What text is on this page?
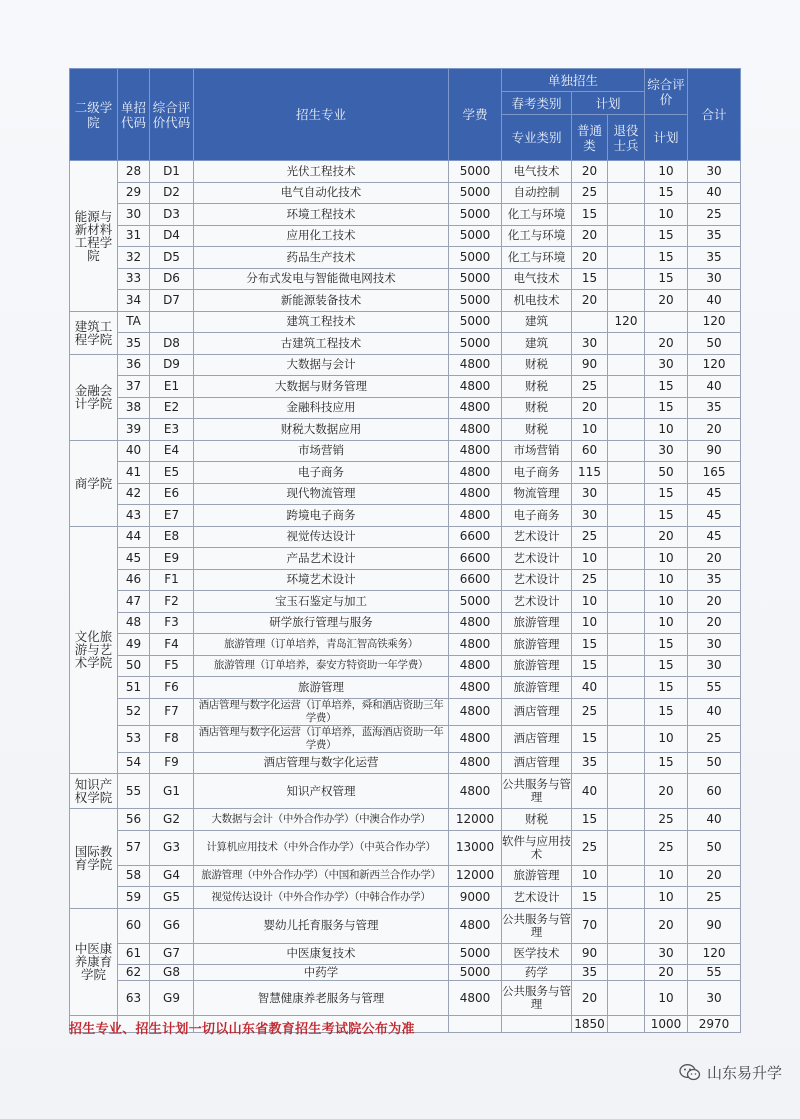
二级学院	单招代码	综合评价代码	招生专业	学费	单独招生			综合评价	合计
					春考类别	计划			
					专业类别	普通类	退役士兵	计划	

能源与新材料工程学院	28	D1	光伏工程技术	5000	电气技术	20		10	30
	29	D2	电气自动化技术	5000	自动控制	25		15	40
	30	D3	环境工程技术	5000	化工与环境	15		10	25
	31	D4	应用化工技术	5000	化工与环境	20		15	35
	32	D5	药品生产技术	5000	化工与环境	20		15	35
	33	D6	分布式发电与智能微电网技术	5000	电气技术	15		15	30
	34	D7	新能源装备技术	5000	机电技术	20		20	40
建筑工程学院	TA		建筑工程技术	5000	建筑		120		120
	35	D8	古建筑工程技术	5000	建筑	30		20	50
金融会计学院	36	D9	大数据与会计	4800	财税	90		30	120
	37	E1	大数据与财务管理	4800	财税	25		15	40
	38	E2	金融科技应用	4800	财税	20		15	35
	39	E3	财税大数据应用	4800	财税	10		10	20
商学院	40	E4	市场营销	4800	市场营销	60		30	90
	41	E5	电子商务	4800	电子商务	115		50	165
	42	E6	现代物流管理	4800	物流管理	30		15	45
	43	E7	跨境电子商务	4800	电子商务	30		15	45
文化旅游与艺术学院	44	E8	视觉传达设计	6600	艺术设计	25		20	45
	45	E9	产品艺术设计	6600	艺术设计	10		10	20
	46	F1	环境艺术设计	6600	艺术设计	25		10	35
	47	F2	宝玉石鉴定与加工	5000	艺术设计	10		10	20
	48	F3	研学旅行管理与服务	4800	旅游管理	10		10	20
	49	F4	旅游管理（订单培养，青岛汇智高铁乘务）	4800	旅游管理	15		15	30
	50	F5	旅游管理（订单培养，泰安方特资助一年学费）	4800	旅游管理	15		15	30
	51	F6	旅游管理	4800	旅游管理	40		15	55
	52	F7	酒店管理与数字化运营（订单培养，舜和酒店资助三年学费）	4800	酒店管理	25		15	40
	53	F8	酒店管理与数字化运营（订单培养，蓝海酒店资助一年学费）	4800	酒店管理	15		10	25
	54	F9	酒店管理与数字化运营	4800	酒店管理	35		15	50
知识产权学院	55	G1	知识产权管理	4800	公共服务与管理	40		20	60
国际教育学院	56	G2	大数据与会计（中外合作办学）（中澳合作办学）	12000	财税	15		25	40
	57	G3	计算机应用技术（中外合作办学）（中英合作办学）	13000	软件与应用技术	25		25	50
	58	G4	旅游管理（中外合作办学）（中国和新西兰合作办学）	12000	旅游管理	10		10	20
	59	G5	视觉传达设计（中外合作办学）（中韩合作办学）	9000	艺术设计	15		10	25
中医康养康育学院	60	G6	婴幼儿托育服务与管理	4800	公共服务与管理	70		20	90
	61	G7	中医康复技术	5000	医学技术	90		30	120
	62	G8	中药学	5000	药学	35		20	55
	63	G9	智慧健康养老服务与管理	4800	公共服务与管理	20		10	30
						1850		1000	2970

招生专业、招生计划一切以山东省教育招生考试院公布为准

山东易升学
